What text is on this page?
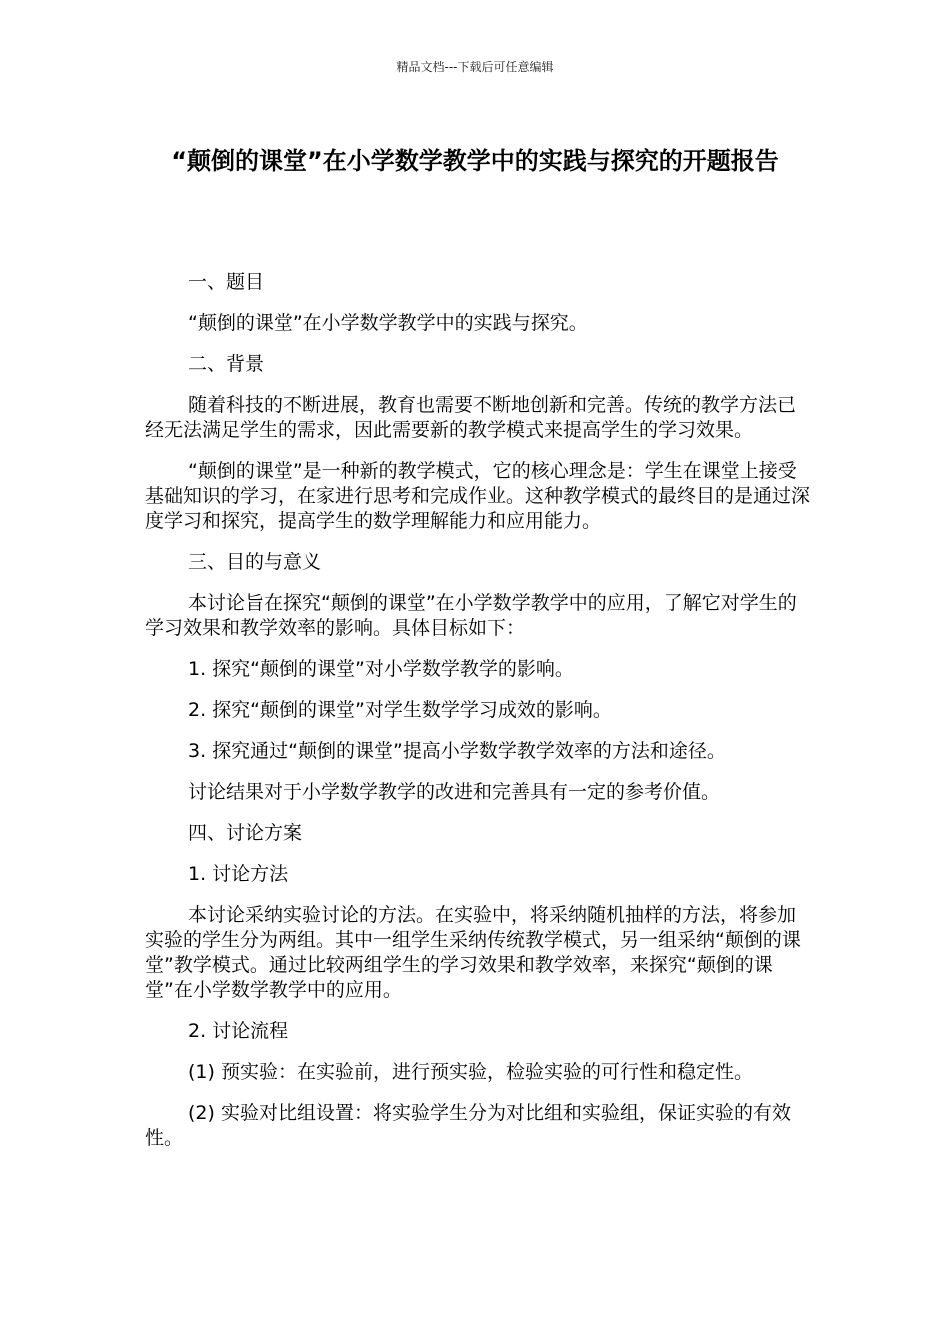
精品文档---下载后可任意编辑
“颠倒的课堂”在小学数学教学中的实践与探究的开题报告

一、题目

“颠倒的课堂”在小学数学教学中的实践与探究。

二、背景

随着科技的不断进展，教育也需要不断地创新和完善。传统的教学方法已经无法满足学生的需求，因此需要新的教学模式来提高学生的学习效果。

“颠倒的课堂”是一种新的教学模式，它的核心理念是：学生在课堂上接受基础知识的学习，在家进行思考和完成作业。这种教学模式的最终目的是通过深度学习和探究，提高学生的数学理解能力和应用能力。

三、目的与意义

本讨论旨在探究“颠倒的课堂”在小学数学教学中的应用，了解它对学生的学习效果和教学效率的影响。具体目标如下：

1. 探究“颠倒的课堂”对小学数学教学的影响。

2. 探究“颠倒的课堂”对学生数学学习成效的影响。

3. 探究通过“颠倒的课堂”提高小学数学教学效率的方法和途径。

讨论结果对于小学数学教学的改进和完善具有一定的参考价值。

四、讨论方案

1. 讨论方法

本讨论采纳实验讨论的方法。在实验中，将采纳随机抽样的方法，将参加实验的学生分为两组。其中一组学生采纳传统教学模式，另一组采纳“颠倒的课堂”教学模式。通过比较两组学生的学习效果和教学效率，来探究“颠倒的课堂”在小学数学教学中的应用。

2. 讨论流程

(1) 预实验：在实验前，进行预实验，检验实验的可行性和稳定性。

(2) 实验对比组设置：将实验学生分为对比组和实验组，保证实验的有效性。
